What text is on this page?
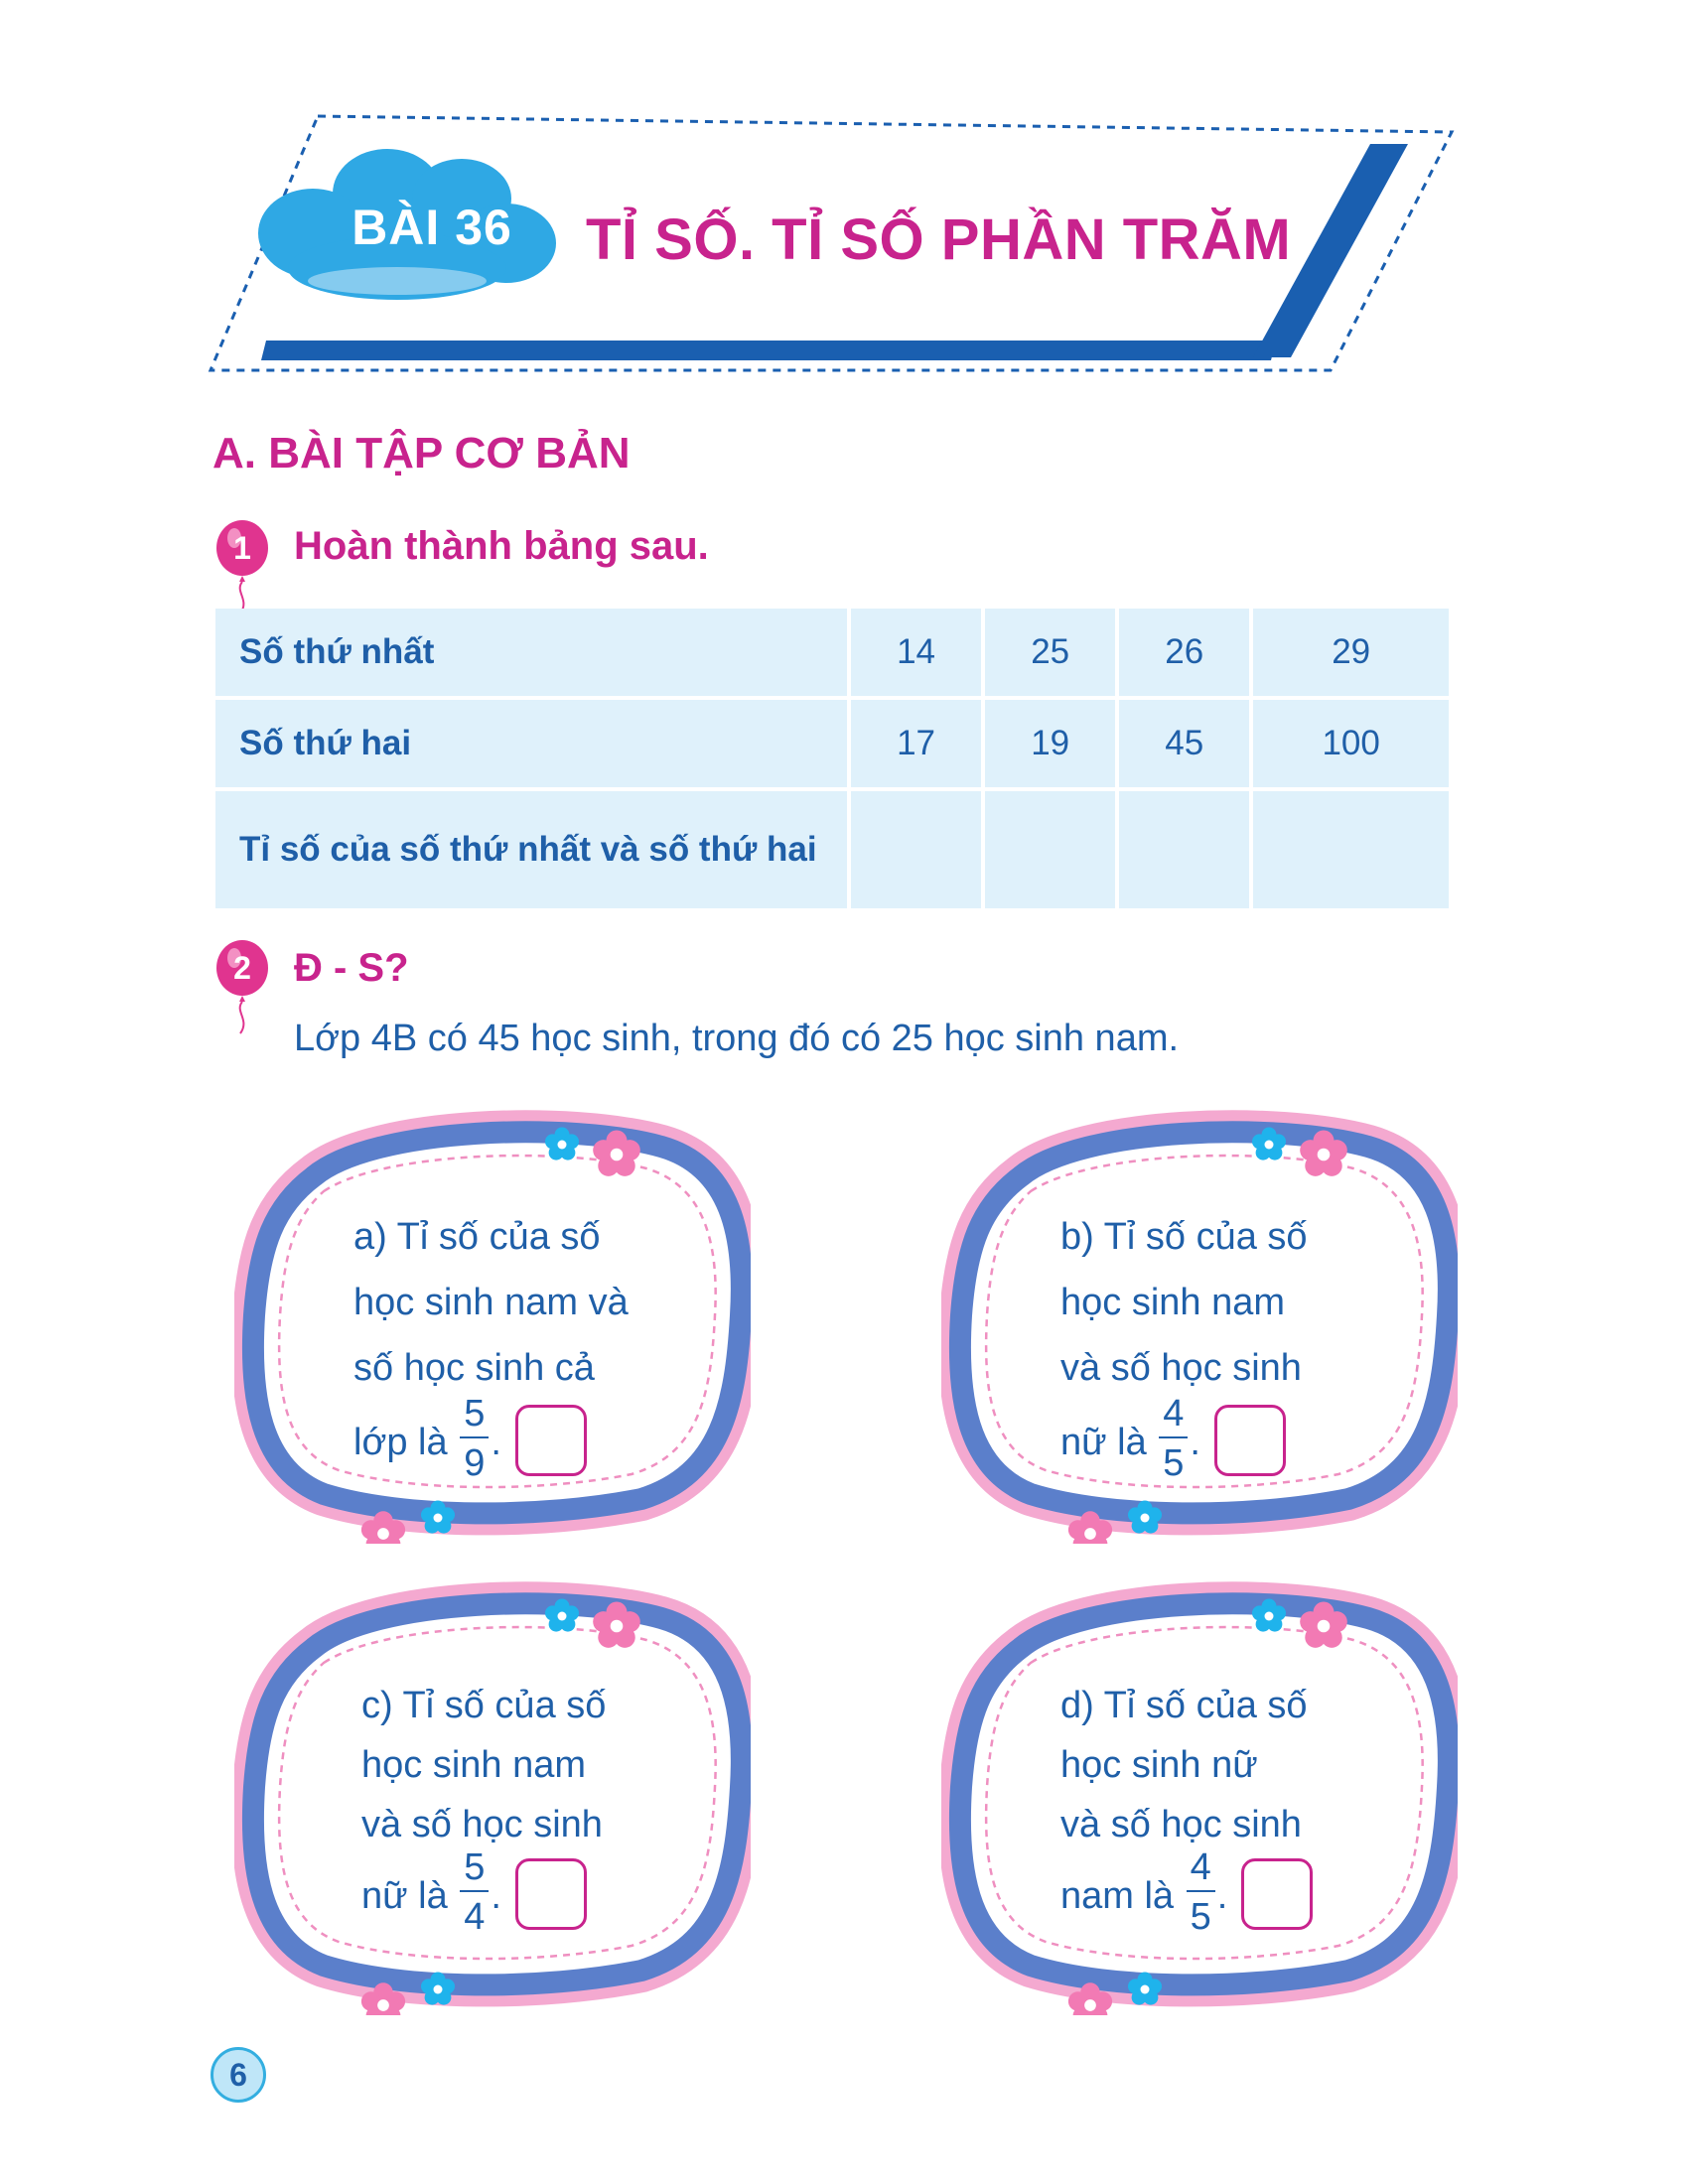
BÀI 36	TỈ SỐ. TỈ SỐ PHẦN TRĂM
A. BÀI TẬP CƠ BẢN
1 Hoàn thành bảng sau.
Số thứ nhất	14	25	26	29
Số thứ hai	17	19	45	100
Tỉ số của số thứ nhất và số thứ hai				
2 Đ - S?
Lớp 4B có 45 học sinh, trong đó có 25 học sinh nam.
a) Tỉ số của số
học sinh nam và
số học sinh cả
lớp là $\frac{5}{9}$ .
b) Tỉ số của số
học sinh nam
và số học sinh
nữ là $\frac{4}{5}$ .
c) Tỉ số của số
học sinh nam
và số học sinh
nữ là $\frac{5}{4}$ .
d) Tỉ số của số
học sinh nữ
và số học sinh
nam là $\frac{4}{5}$ .
6
